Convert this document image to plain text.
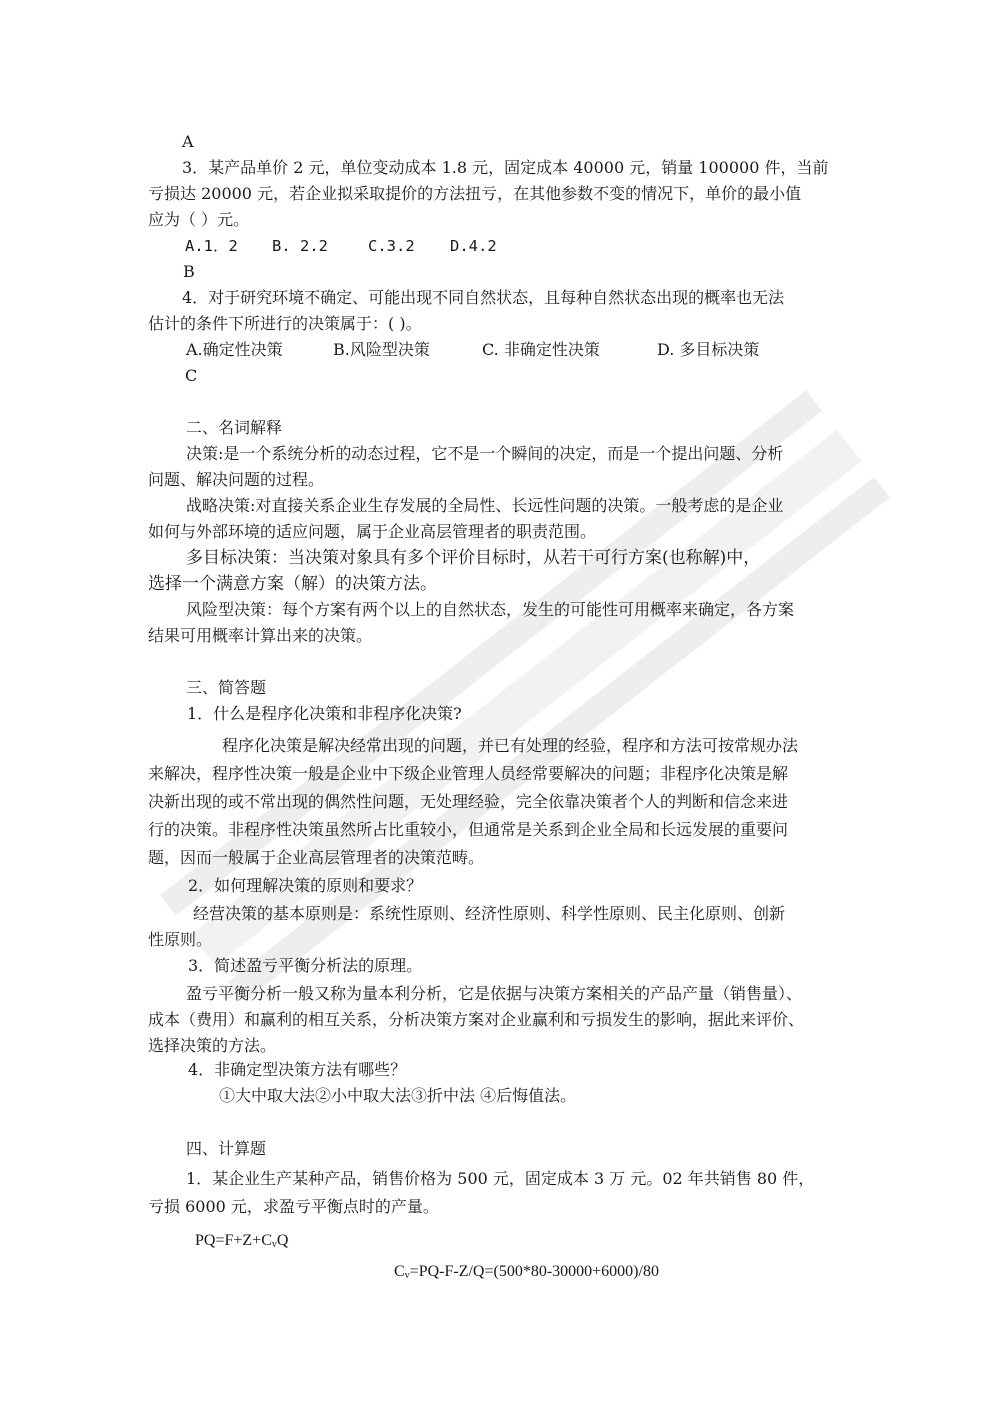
A
3．某产品单价 2 元，单位变动成本 1.8 元，固定成本 40000 元，销量 100000 件，当前
亏损达 20000 元，若企业拟采取提价的方法扭亏，在其他参数不变的情况下，单价的最小值
应为（ ）元。
A.1．2 B. 2.2	C.3.2 D.4.2
B
4．对于研究环境不确定、可能出现不同自然状态，且每种自然状态出现的概率也无法
估计的条件下所进行的决策属于：( )。
A.确定性决策	B.风险型决策	C. 非确定性决策	D. 多目标决策
C
二、名词解释
决策:是一个系统分析的动态过程，它不是一个瞬间的决定，而是一个提出问题、分析
问题、解决问题的过程。
战略决策:对直接关系企业生存发展的全局性、长远性问题的决策。一般考虑的是企业
如何与外部环境的适应问题，属于企业高层管理者的职责范围。
多目标决策：当决策对象具有多个评价目标时，从若干可行方案(也称解)中，
选择一个满意方案（解）的决策方法。
风险型决策：每个方案有两个以上的自然状态，发生的可能性可用概率来确定，各方案
结果可用概率计算出来的决策。
三、简答题
1．什么是程序化决策和非程序化决策?
程序化决策是解决经常出现的问题，并已有处理的经验，程序和方法可按常规办法
来解决，程序性决策一般是企业中下级企业管理人员经常要解决的问题；非程序化决策是解
决新出现的或不常出现的偶然性问题，无处理经验，完全依靠决策者个人的判断和信念来进
行的决策。非程序性决策虽然所占比重较小，但通常是关系到企业全局和长远发展的重要问
题，因而一般属于企业高层管理者的决策范畴。
2．如何理解决策的原则和要求？
经营决策的基本原则是：系统性原则、经济性原则、科学性原则、民主化原则、创新
性原则。
3．简述盈亏平衡分析法的原理。
盈亏平衡分析一般又称为量本利分析，它是依据与决策方案相关的产品产量（销售量）、
成本（费用）和赢利的相互关系，分析决策方案对企业赢利和亏损发生的影响，据此来评价、
选择决策的方法。
4．非确定型决策方法有哪些？
①大中取大法②小中取大法③折中法 ④后悔值法。
四、计算题
1．某企业生产某种产品，销售价格为 500 元，固定成本 3 万 元。02 年共销售 80 件，
亏损 6000 元，求盈亏平衡点时的产量。
$PQ=F+Z+C_vQ$
$C_v=PQ-F-Z/Q=(500*80-30000+6000)/80$
